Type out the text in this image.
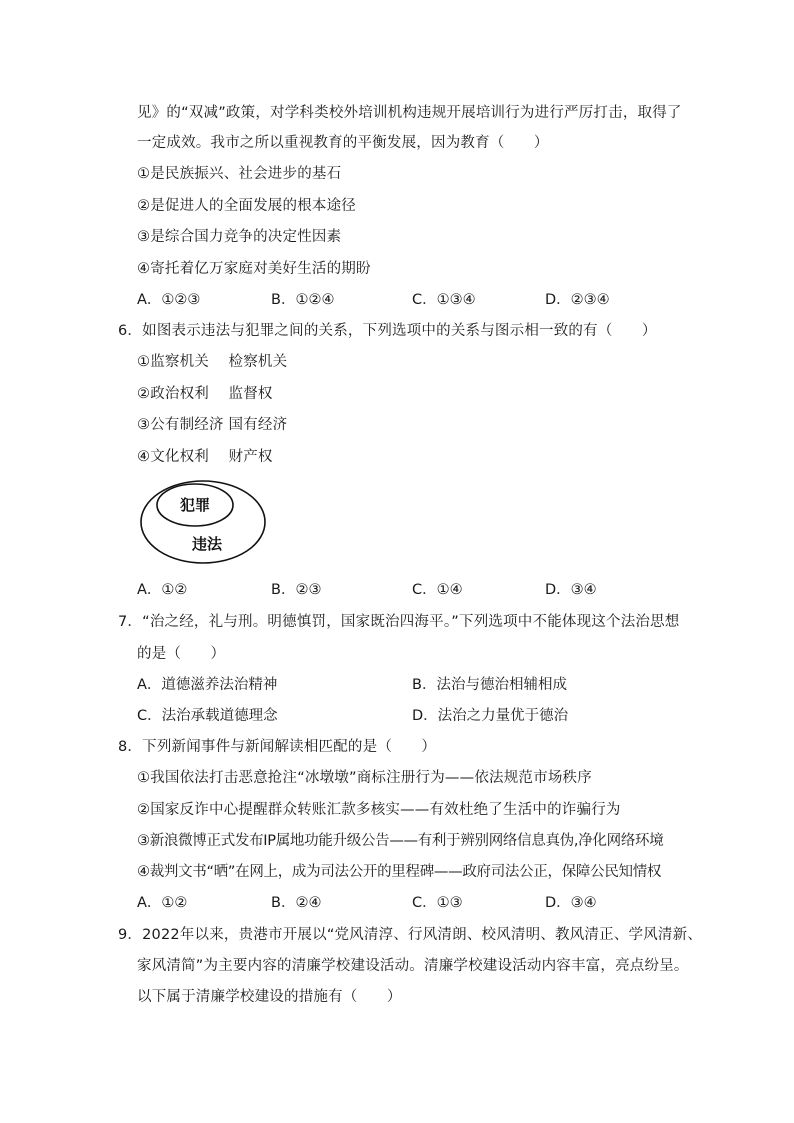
见》的“双减”政策，对学科类校外培训机构违规开展培训行为进行严厉打击，取得了
一定成效。我市之所以重视教育的平衡发展，因为教育（　　）
①是民族振兴、社会进步的基石
②是促进人的全面发展的根本途径
③是综合国力竞争的决定性因素
④寄托着亿万家庭对美好生活的期盼
A．①②③	B．①②④	C．①③④	D．②③④
6．如图表示违法与犯罪之间的关系，下列选项中的关系与图示相一致的有（　　）
①监察机关　 检察机关
②政治权利　 监督权
③公有制经济 国有经济
④文化权利　 财产权
犯罪
违法
A．①②	B．②③	C．①④	D．③④
7．“治之经，礼与刑。明德慎罚，国家既治四海平。”下列选项中不能体现这个法治思想
的是（　　）
A．道德滋养法治精神	B．法治与德治相辅相成
C．法治承载道德理念	D．法治之力量优于德治
8．下列新闻事件与新闻解读相匹配的是（　　）
①我国依法打击恶意抢注“冰墩墩”商标注册行为——依法规范市场秩序
②国家反诈中心提醒群众转账汇款多核实——有效杜绝了生活中的诈骗行为
③新浪微博正式发布IP属地功能升级公告——有利于辨别网络信息真伪,净化网络环境
④裁判文书“晒”在网上，成为司法公开的里程碑——政府司法公正，保障公民知情权
A．①②	B．②④	C．①③	D．③④
9．2022年以来，贵港市开展以“党风清淳、行风清朗、校风清明、教风清正、学风清新、
家风清简”为主要内容的清廉学校建设活动。清廉学校建设活动内容丰富，亮点纷呈。
以下属于清廉学校建设的措施有（　　）
